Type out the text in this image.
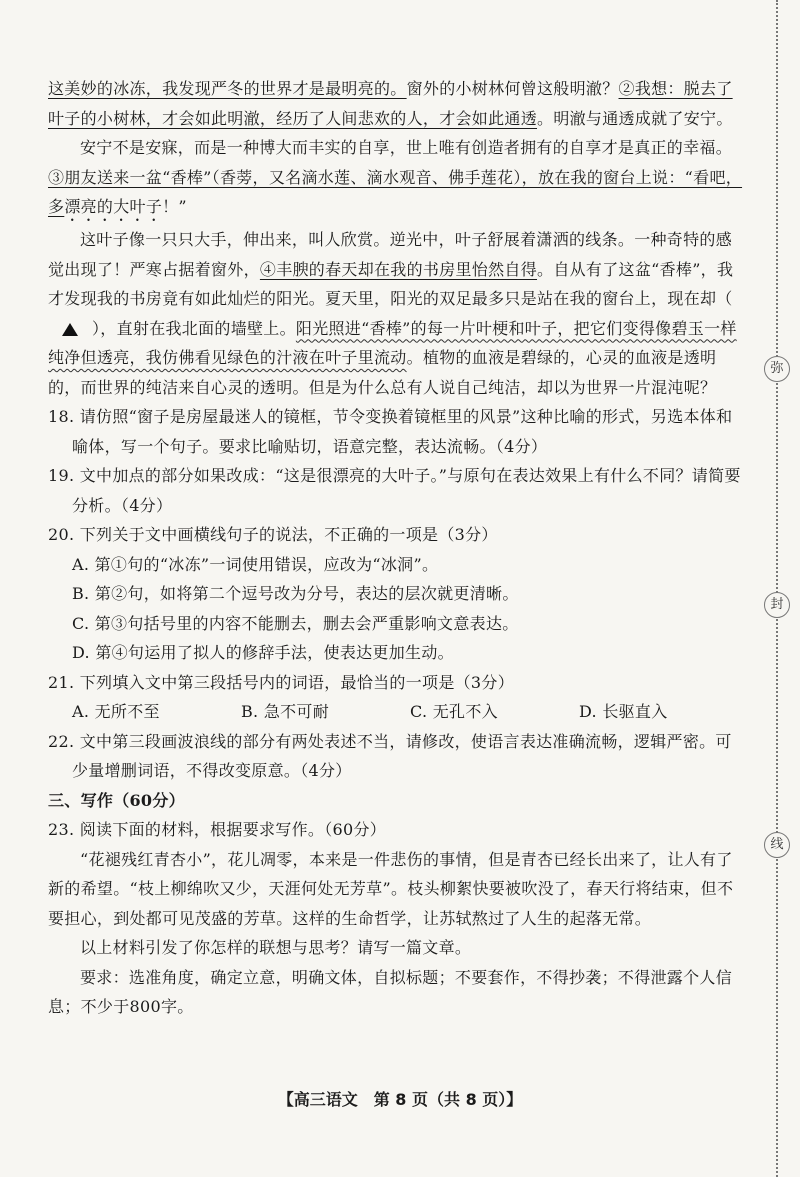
这美妙的冰冻，我发现严冬的世界才是最明亮的。窗外的小树林何曾这般明澈？②我想：脱去了叶子的小树林，才会如此明澈，经历了人间悲欢的人，才会如此通透。明澈与通透成就了安宁。

安宁不是安寐，而是一种博大而丰实的自享，世上唯有创造者拥有的自享才是真正的幸福。③朋友送来一盆“香棒”（香蒡，又名滴水莲、滴水观音、佛手莲花），放在我的窗台上说：“看吧，多漂亮的大叶子！”

这叶子像一只只大手，伸出来，叫人欣赏。逆光中，叶子舒展着潇洒的线条。一种奇特的感觉出现了！严寒占据着窗外，④丰腴的春天却在我的书房里怡然自得。自从有了这盆“香棒”，我才发现我的书房竟有如此灿烂的阳光。夏天里，阳光的双足最多只是站在我的窗台上，现在却（），直射在我北面的墙壁上。阳光照进“香棒”的每一片叶梗和叶子，把它们变得像碧玉一样纯净但透亮，我仿佛看见绿色的汁液在叶子里流动。植物的血液是碧绿的，心灵的血液是透明的，而世界的纯洁来自心灵的透明。但是为什么总有人说自己纯洁，却以为世界一片混沌呢？

18. 请仿照“窗子是房屋最迷人的镜框，节令变换着镜框里的风景”这种比喻的形式，另选本体和喻体，写一个句子。要求比喻贴切，语意完整，表达流畅。（4分）

19. 文中加点的部分如果改成：“这是很漂亮的大叶子。”与原句在表达效果上有什么不同？请简要分析。（4分）

20. 下列关于文中画横线句子的说法，不正确的一项是（3分）

A. 第①句的“冰冻”一词使用错误，应改为“冰洞”。

B. 第②句，如将第二个逗号改为分号，表达的层次就更清晰。

C. 第③句括号里的内容不能删去，删去会严重影响文意表达。

D. 第④句运用了拟人的修辞手法，使表达更加生动。

21. 下列填入文中第三段括号内的词语，最恰当的一项是（3分）

A. 无所不至	B. 急不可耐	C. 无孔不入	D. 长驱直入

22. 文中第三段画波浪线的部分有两处表述不当，请修改，使语言表达准确流畅，逻辑严密。可少量增删词语，不得改变原意。（4分）

三、写作（60分）

23. 阅读下面的材料，根据要求写作。（60分）

“花褪残红青杏小”，花儿凋零，本来是一件悲伤的事情，但是青杏已经长出来了，让人有了新的希望。“枝上柳绵吹又少，天涯何处无芳草”。枝头柳絮快要被吹没了，春天行将结束，但不要担心，到处都可见茂盛的芳草。这样的生命哲学，让苏轼熬过了人生的起落无常。

以上材料引发了你怎样的联想与思考？请写一篇文章。

要求：选准角度，确定立意，明确文体，自拟标题；不要套作，不得抄袭；不得泄露个人信息；不少于800字。

【高三语文　第 8 页（共 8 页）】
弥
封
线
